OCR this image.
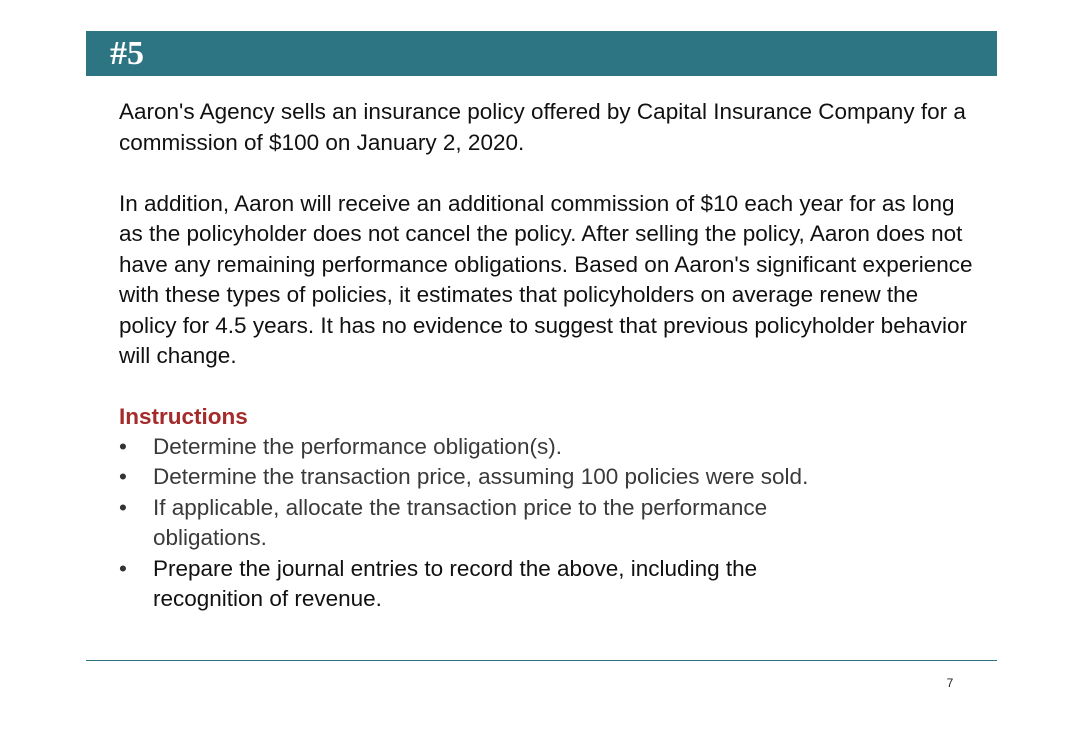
#5

Aaron's Agency sells an insurance policy offered by Capital Insurance Company for a commission of $100 on January 2, 2020.

In addition, Aaron will receive an additional commission of $10 each year for as long as the policyholder does not cancel the policy. After selling the policy, Aaron does not have any remaining performance obligations. Based on Aaron's significant experience with these types of policies, it estimates that policyholders on average renew the policy for 4.5 years. It has no evidence to suggest that previous policyholder behavior will change.

Instructions
• Determine the performance obligation(s).
• Determine the transaction price, assuming 100 policies were sold.
• If applicable, allocate the transaction price to the performance obligations.
• Prepare the journal entries to record the above, including the recognition of revenue.
7
